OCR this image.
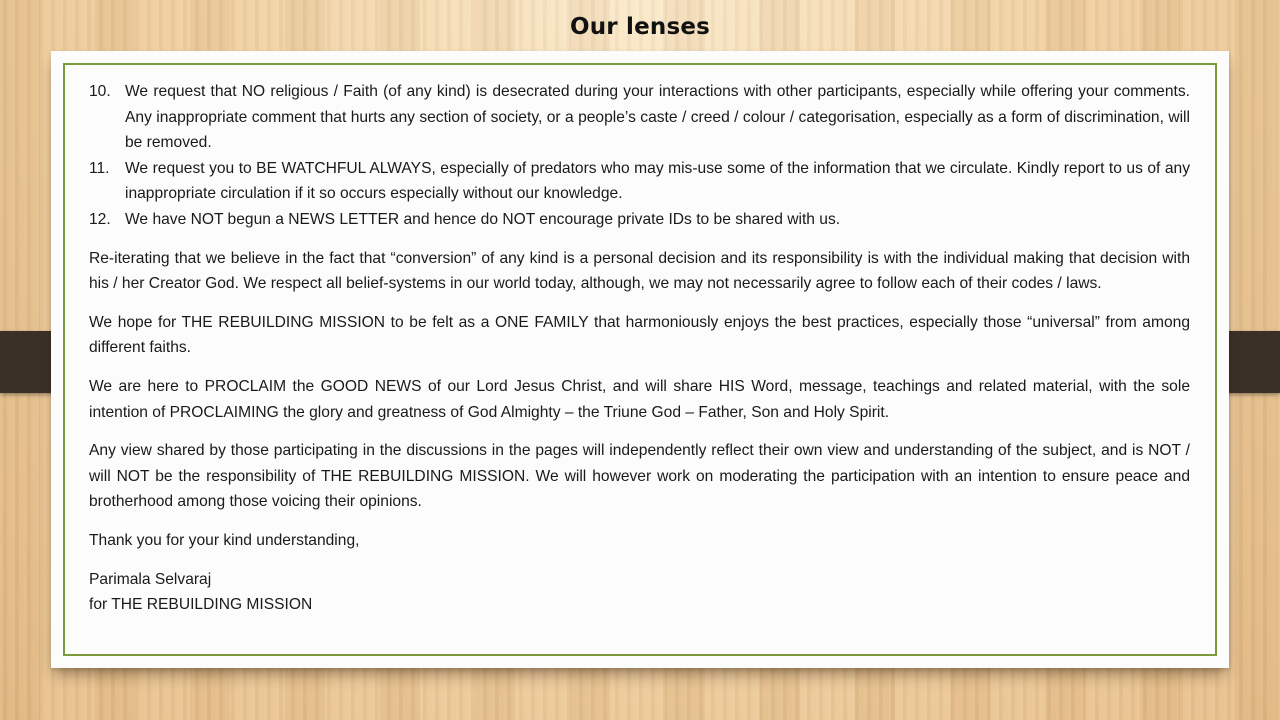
Our lenses
10. We request that NO religious / Faith (of any kind) is desecrated during your interactions with other participants, especially while offering your comments. Any inappropriate comment that hurts any section of society, or a people’s caste / creed / colour / categorisation, especially as a form of discrimination, will be removed.
11. We request you to BE WATCHFUL ALWAYS, especially of predators who may mis-use some of the information that we circulate. Kindly report to us of any inappropriate circulation if it so occurs especially without our knowledge.
12. We have NOT begun a NEWS LETTER and hence do NOT encourage private IDs to be shared with us.

Re-iterating that we believe in the fact that “conversion” of any kind is a personal decision and its responsibility is with the individual making that decision with his / her Creator God. We respect all belief-systems in our world today, although, we may not necessarily agree to follow each of their codes / laws.

We hope for THE REBUILDING MISSION to be felt as a ONE FAMILY that harmoniously enjoys the best practices, especially those “universal” from among different faiths.

We are here to PROCLAIM the GOOD NEWS of our Lord Jesus Christ, and will share HIS Word, message, teachings and related material, with the sole intention of PROCLAIMING the glory and greatness of God Almighty – the Triune God – Father, Son and Holy Spirit.

Any view shared by those participating in the discussions in the pages will independently reflect their own view and understanding of the subject, and is NOT / will NOT be the responsibility of THE REBUILDING MISSION. We will however work on moderating the participation with an intention to ensure peace and brotherhood among those voicing their opinions.

Thank you for your kind understanding,

Parimala Selvaraj
for THE REBUILDING MISSION
